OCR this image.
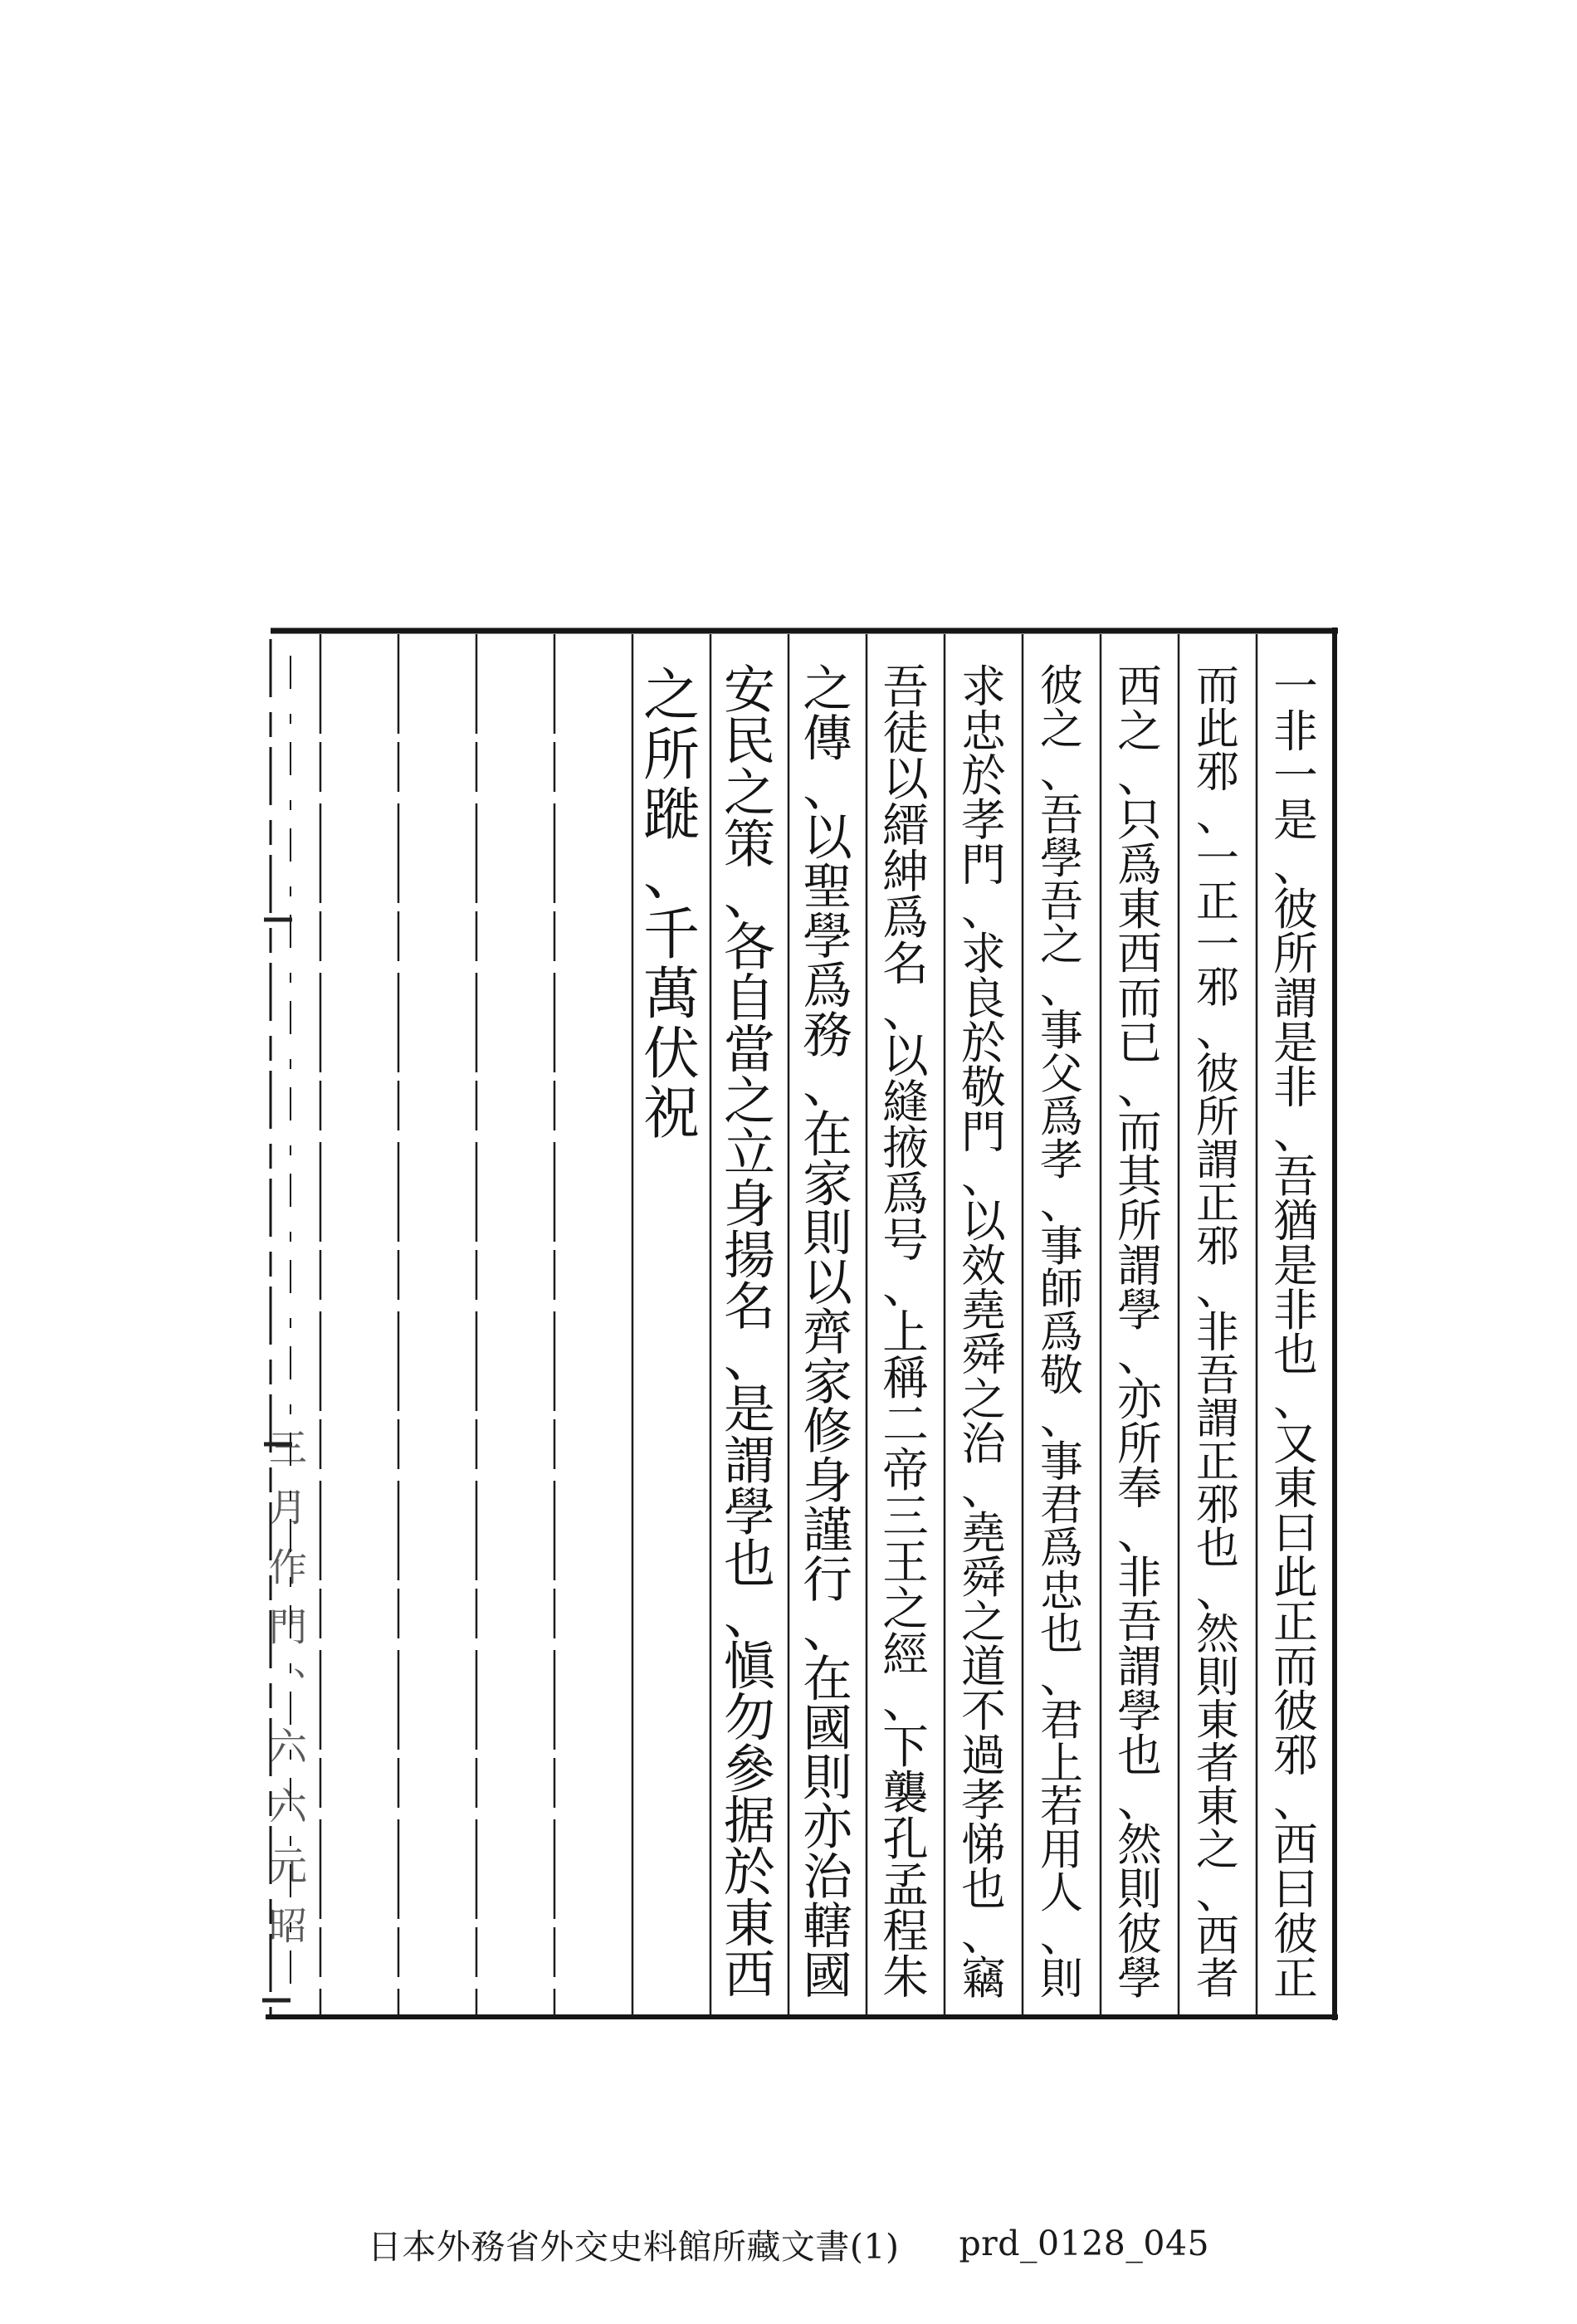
一非一是、彼所謂是非、吾猶是非也、又東曰此正而彼邪、西曰彼正
而此邪、一正一邪、彼所謂正邪、非吾謂正邪也、然則東者東之、西者
西之、只爲東西而已、而其所謂學、亦所奉、非吾謂學也、然則彼學
彼之、吾學吾之、事父爲孝、事師爲敬、事君爲忠也、君上若用人、則
求忠於孝門、求良於敬門、以效堯舜之治、堯舜之道不過孝悌也、竊
吾徒以縉紳爲名、以縫掖爲号、上稱二帝三王之經、下襲孔孟程朱
之傳、以聖學爲務、在家則以齊家修身謹行、在國則亦治轄國
安民之策、各自當之立身揚名、是謂學也、愼勿參据於東西
之所蹝、千萬伏祝
三月作門、六六元昭
日本外務省外交史料館所藏文書(1) prd_0128_045
